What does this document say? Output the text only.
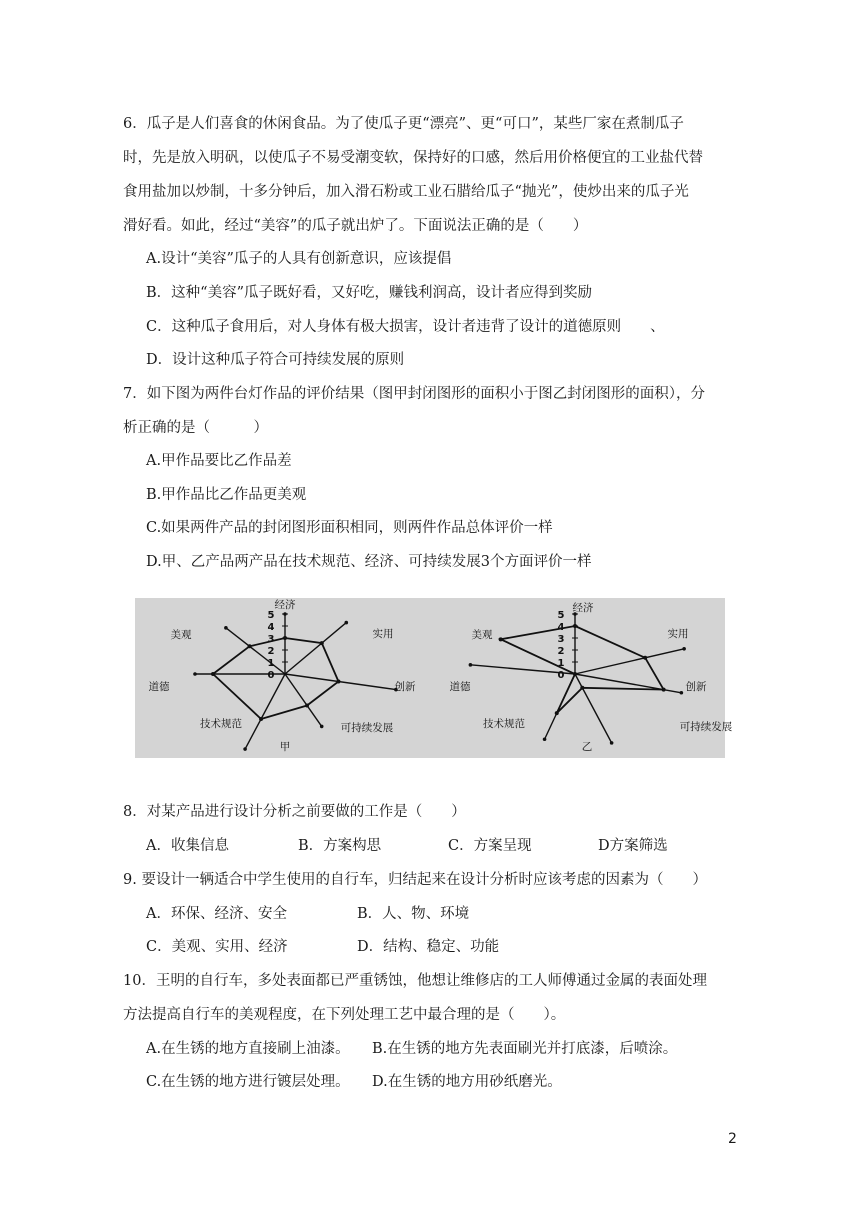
6．瓜子是人们喜食的休闲食品。为了使瓜子更“漂亮”、更“可口”，某些厂家在煮制瓜子
时，先是放入明矾，以使瓜子不易受潮变软，保持好的口感，然后用价格便宜的工业盐代替
食用盐加以炒制，十多分钟后，加入滑石粉或工业石腊给瓜子“抛光”，使炒出来的瓜子光
滑好看。如此，经过“美容”的瓜子就出炉了。下面说法正确的是（　　）
A.设计“美容”瓜子的人具有创新意识，应该提倡
B．这种“美容”瓜子既好看，又好吃，赚钱利润高，设计者应得到奖励
C．这种瓜子食用后，对人身体有极大损害，设计者违背了设计的道德原则　　、
D．设计这种瓜子符合可持续发展的原则
7．如下图为两件台灯作品的评价结果（图甲封闭图形的面积小于图乙封闭图形的面积），分
析正确的是（　　　）
A.甲作品要比乙作品差
B.甲作品比乙作品更美观
C.如果两件产品的封闭图形面积相同，则两件作品总体评价一样
D.甲、乙产品两产品在技术规范、经济、可持续发展3个方面评价一样
经济
实用
创新
可持续发展
技术规范
道德
美观
0
1
2
3
4
5
甲
经济
实用
创新
可持续发展
技术规范
道德
美观
0
1
2
3
4
5
乙
8．对某产品进行设计分析之前要做的工作是（　　）
A．收集信息	B．方案构思	C．方案呈现	D方案筛选
9. 要设计一辆适合中学生使用的自行车，归结起来在设计分析时应该考虑的因素为（　　）
A．环保、经济、安全	B．人、物、环境
C．美观、实用、经济	D．结构、稳定、功能
10．王明的自行车，多处表面都已严重锈蚀，他想让维修店的工人师傅通过金属的表面处理
方法提高自行车的美观程度，在下列处理工艺中最合理的是（　　）。
A.在生锈的地方直接刷上油漆。 B.在生锈的地方先表面刷光并打底漆，后喷涂。
C.在生锈的地方进行镀层处理。 D.在生锈的地方用砂纸磨光。
2
